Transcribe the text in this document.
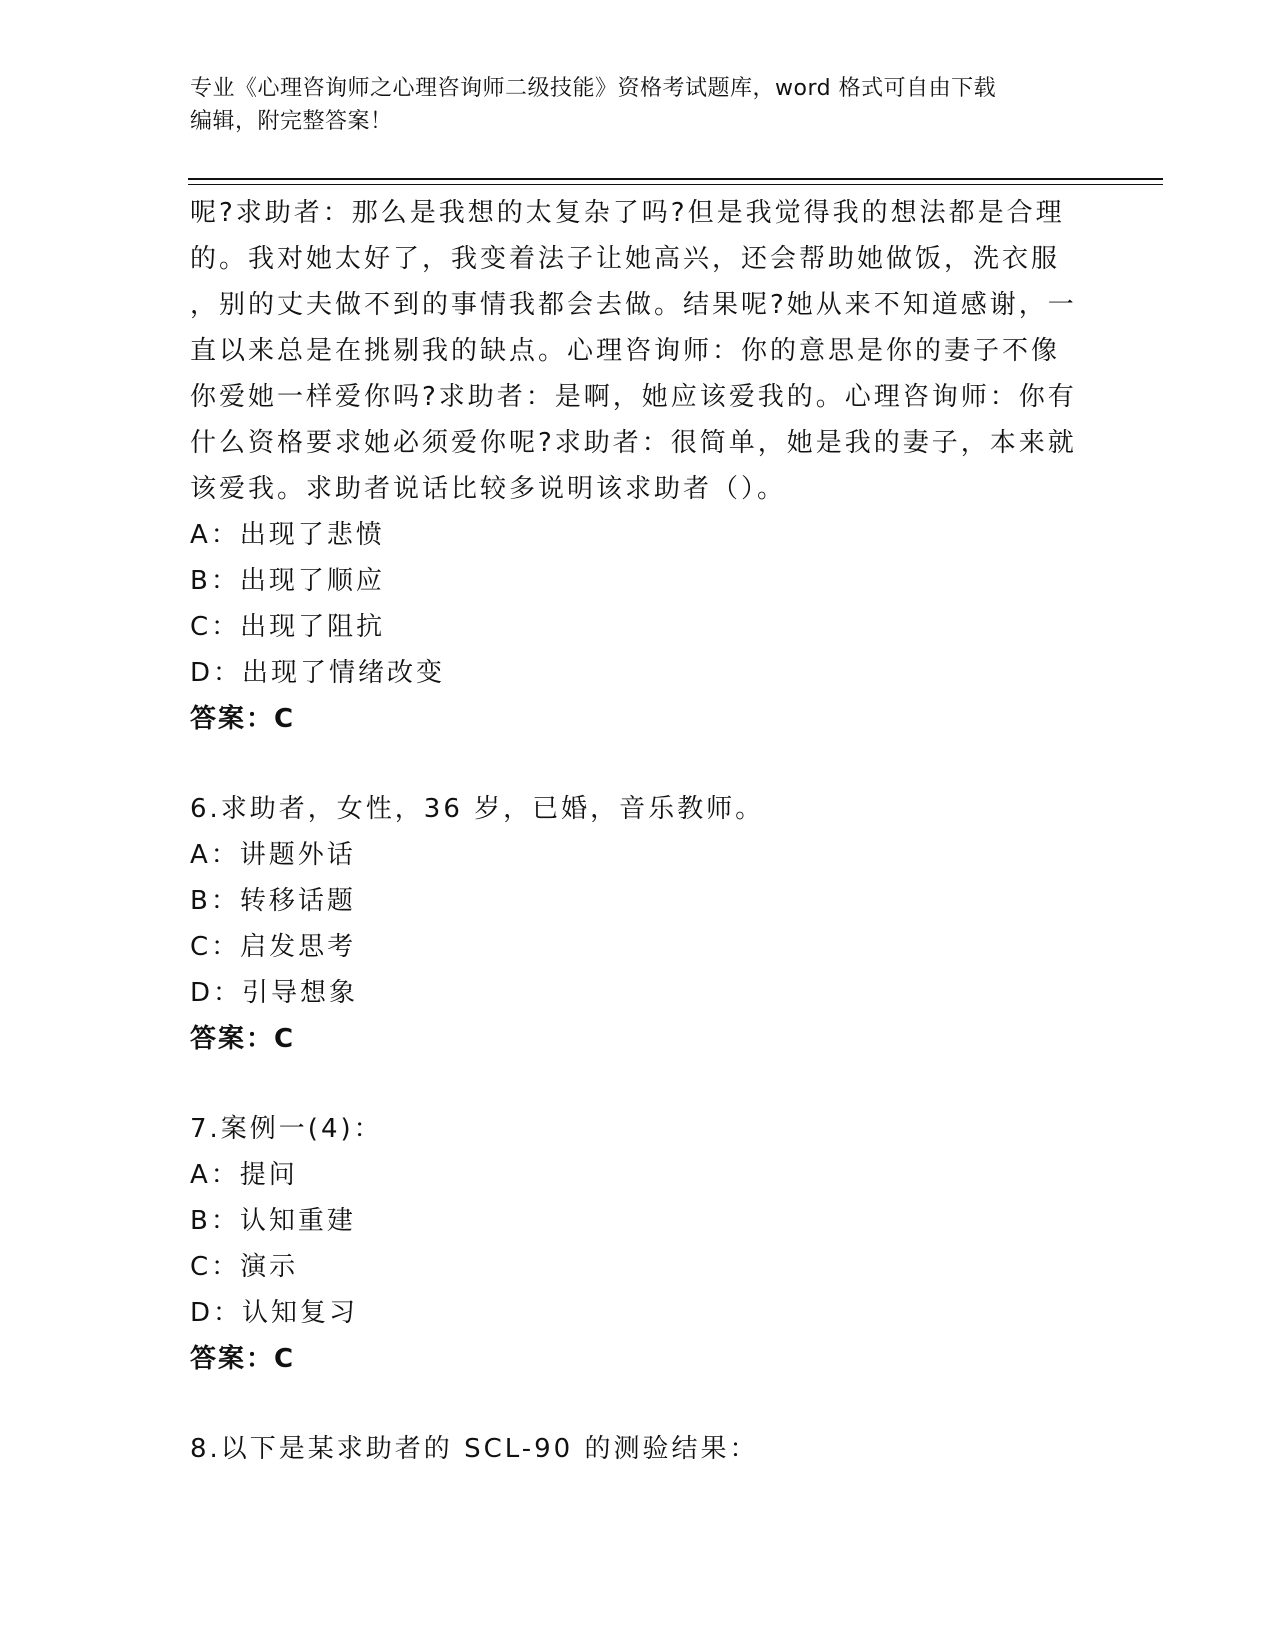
专业《心理咨询师之心理咨询师二级技能》资格考试题库，word 格式可自由下载
编辑，附完整答案！
呢?求助者：那么是我想的太复杂了吗?但是我觉得我的想法都是合理
的。我对她太好了，我变着法子让她高兴，还会帮助她做饭，洗衣服
，别的丈夫做不到的事情我都会去做。结果呢?她从来不知道感谢，一
直以来总是在挑剔我的缺点。心理咨询师：你的意思是你的妻子不像
你爱她一样爱你吗?求助者：是啊，她应该爱我的。心理咨询师：你有
什么资格要求她必须爱你呢?求助者：很简单，她是我的妻子，本来就
该爱我。求助者说话比较多说明该求助者（）。
A：出现了悲愤
B：出现了顺应
C：出现了阻抗
D：出现了情绪改变
答案：C
6.求助者，女性，36 岁，已婚，音乐教师。
A：讲题外话
B：转移话题
C：启发思考
D：引导想象
答案：C
7.案例一(4)：
A：提问
B：认知重建
C：演示
D：认知复习
答案：C
8.以下是某求助者的 SCL-90 的测验结果：
